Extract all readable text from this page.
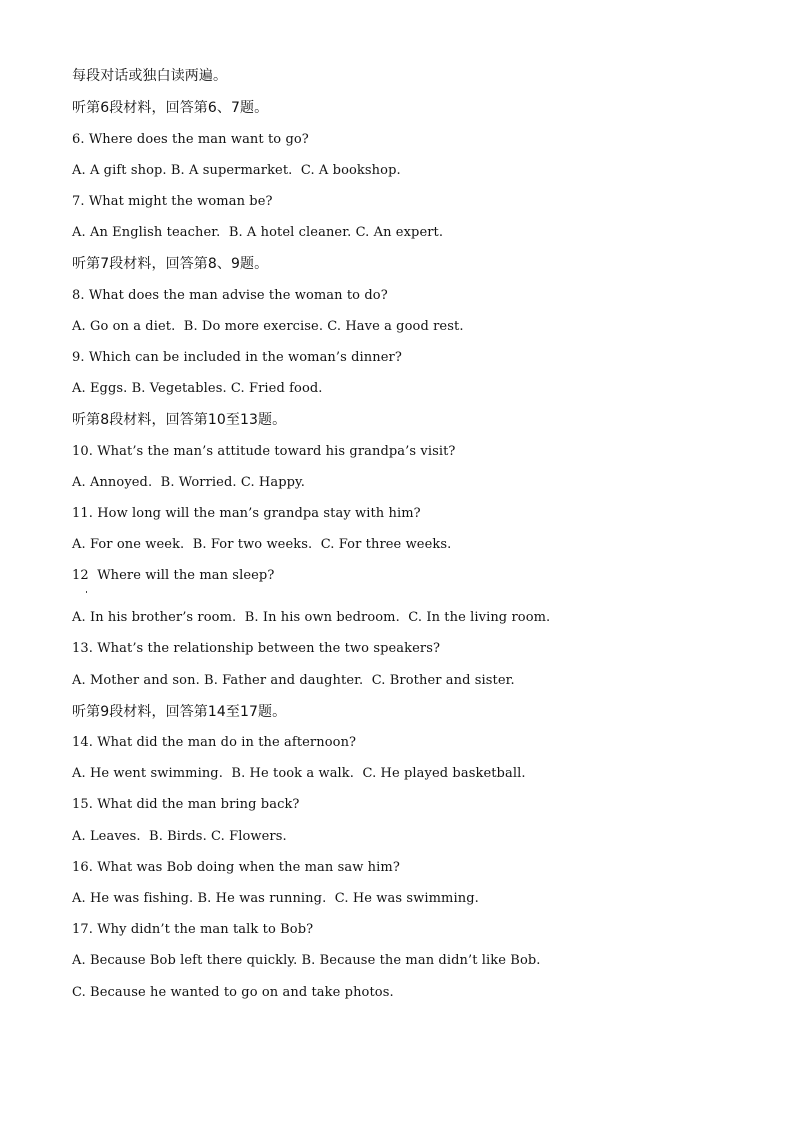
每段对话或独白读两遍。

听第6段材料，回答第6、7题。

6. Where does the man want to go?

A. A gift shop. B. A supermarket.  C. A bookshop.

7. What might the woman be?

A. An English teacher.  B. A hotel cleaner. C. An expert.

听第7段材料，回答第8、9题。

8. What does the man advise the woman to do?

A. Go on a diet.  B. Do more exercise. C. Have a good rest.

9. Which can be included in the woman’s dinner?

A. Eggs. B. Vegetables. C. Fried food.

听第8段材料，回答第10至13题。

10. What’s the man’s attitude toward his grandpa’s visit?

A. Annoyed.  B. Worried. C. Happy.

11. How long will the man’s grandpa stay with him?

A. For one week.  B. For two weeks.  C. For three weeks.

12  Where will the man sleep?

A. In his brother’s room.  B. In his own bedroom.  C. In the living room.

13. What’s the relationship between the two speakers?

A. Mother and son. B. Father and daughter.  C. Brother and sister.

听第9段材料，回答第14至17题。

14. What did the man do in the afternoon?

A. He went swimming.  B. He took a walk.  C. He played basketball.

15. What did the man bring back?

A. Leaves.  B. Birds. C. Flowers.

16. What was Bob doing when the man saw him?

A. He was fishing. B. He was running.  C. He was swimming.

17. Why didn’t the man talk to Bob?

A. Because Bob left there quickly. B. Because the man didn’t like Bob.

C. Because he wanted to go on and take photos.
